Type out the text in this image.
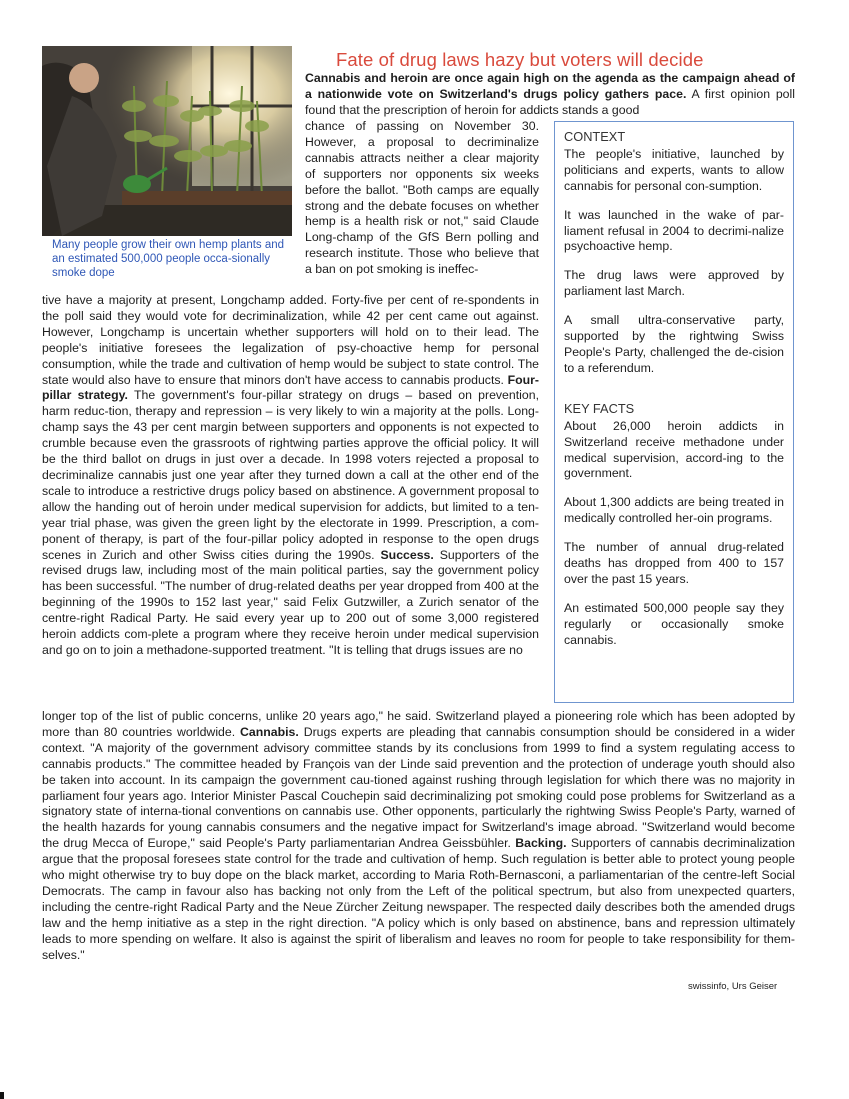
Many people grow their own hemp plants and an estimated 500,000 people occa-sionally smoke dope
Fate of drug laws hazy but voters will decide
Cannabis and heroin are once again high on the agenda as the campaign ahead of a nationwide vote on Switzerland's drugs policy gathers pace. A first opinion poll found that the prescription of heroin for addicts stands a good
chance of passing on November 30. However, a proposal to decriminalize cannabis attracts neither a clear majority of supporters nor opponents six weeks before the ballot. "Both camps are equally strong and the debate focuses on whether hemp is a health risk or not," said Claude Long-champ of the GfS Bern polling and research institute. Those who believe that a ban on pot smoking is ineffec-
tive have a majority at present, Longchamp added. Forty-five per cent of re-spondents in the poll said they would vote for decriminalization, while 42 per cent came out against. However, Longchamp is uncertain whether supporters will hold on to their lead. The people's initiative foresees the legalization of psy-choactive hemp for personal consumption, while the trade and cultivation of hemp would be subject to state control. The state would also have to ensure that minors don't have access to cannabis products. Four-pillar strategy. The government's four-pillar strategy on drugs – based on prevention, harm reduc-tion, therapy and repression – is very likely to win a majority at the polls. Long-champ says the 43 per cent margin between supporters and opponents is not expected to crumble because even the grassroots of rightwing parties approve the official policy. It will be the third ballot on drugs in just over a decade. In 1998 voters rejected a proposal to decriminalize cannabis just one year after they turned down a call at the other end of the scale to introduce a restrictive drugs policy based on abstinence. A government proposal to allow the handing out of heroin under medical supervision for addicts, but limited to a ten-year trial phase, was given the green light by the electorate in 1999. Prescription, a com-ponent of therapy, is part of the four-pillar policy adopted in response to the open drugs scenes in Zurich and other Swiss cities during the 1990s. Success. Supporters of the revised drugs law, including most of the main political parties, say the government policy has been successful. "The number of drug-related deaths per year dropped from 400 at the beginning of the 1990s to 152 last year," said Felix Gutzwiller, a Zurich senator of the centre-right Radical Party. He said every year up to 200 out of some 3,000 registered heroin addicts com-plete a program where they receive heroin under medical supervision and go on to join a methadone-supported treatment. "It is telling that drugs issues are no
longer top of the list of public concerns, unlike 20 years ago," he said. Switzerland played a pioneering role which has been adopted by more than 80 countries worldwide. Cannabis. Drugs experts are pleading that cannabis consumption should be considered in a wider context. "A majority of the government advisory committee stands by its conclusions from 1999 to find a system regulating access to cannabis products." The committee headed by François van der Linde said prevention and the protection of underage youth should also be taken into account. In its campaign the government cau-tioned against rushing through legislation for which there was no majority in parliament four years ago. Interior Minister Pascal Couchepin said decriminalizing pot smoking could pose problems for Switzerland as a signatory state of interna-tional conventions on cannabis use. Other opponents, particularly the rightwing Swiss People's Party, warned of the health hazards for young cannabis consumers and the negative impact for Switzerland's image abroad. "Switzerland would become the drug Mecca of Europe," said People's Party parliamentarian Andrea Geissbühler. Backing. Supporters of cannabis decriminalization argue that the proposal foresees state control for the trade and cultivation of hemp. Such regulation is better able to protect young people who might otherwise try to buy dope on the black market, according to Maria Roth-Bernasconi, a parliamentarian of the centre-left Social Democrats. The camp in favour also has backing not only from the Left of the political spectrum, but also from unexpected quarters, including the centre-right Radical Party and the Neue Zürcher Zeitung newspaper. The respected daily describes both the amended drugs law and the hemp initiative as a step in the right direction. "A policy which is only based on abstinence, bans and repression ultimately leads to more spending on welfare. It also is against the spirit of liberalism and leaves no room for people to take responsibility for them-selves."
swissinfo, Urs Geiser
CONTEXT

The people's initiative, launched by politicians and experts, wants to allow cannabis for personal con-sumption.

It was launched in the wake of par-liament refusal in 2004 to decrimi-nalize psychoactive hemp.

The drug laws were approved by parliament last March.

A small ultra-conservative party, supported by the rightwing Swiss People's Party, challenged the de-cision to a referendum.

KEY FACTS

About 26,000 heroin addicts in Switzerland receive methadone under medical supervision, accord-ing to the government.

About 1,300 addicts are being treated in medically controlled her-oin programs.

The number of annual drug-related deaths has dropped from 400 to 157 over the past 15 years.

An estimated 500,000 people say they regularly or occasionally smoke cannabis.
